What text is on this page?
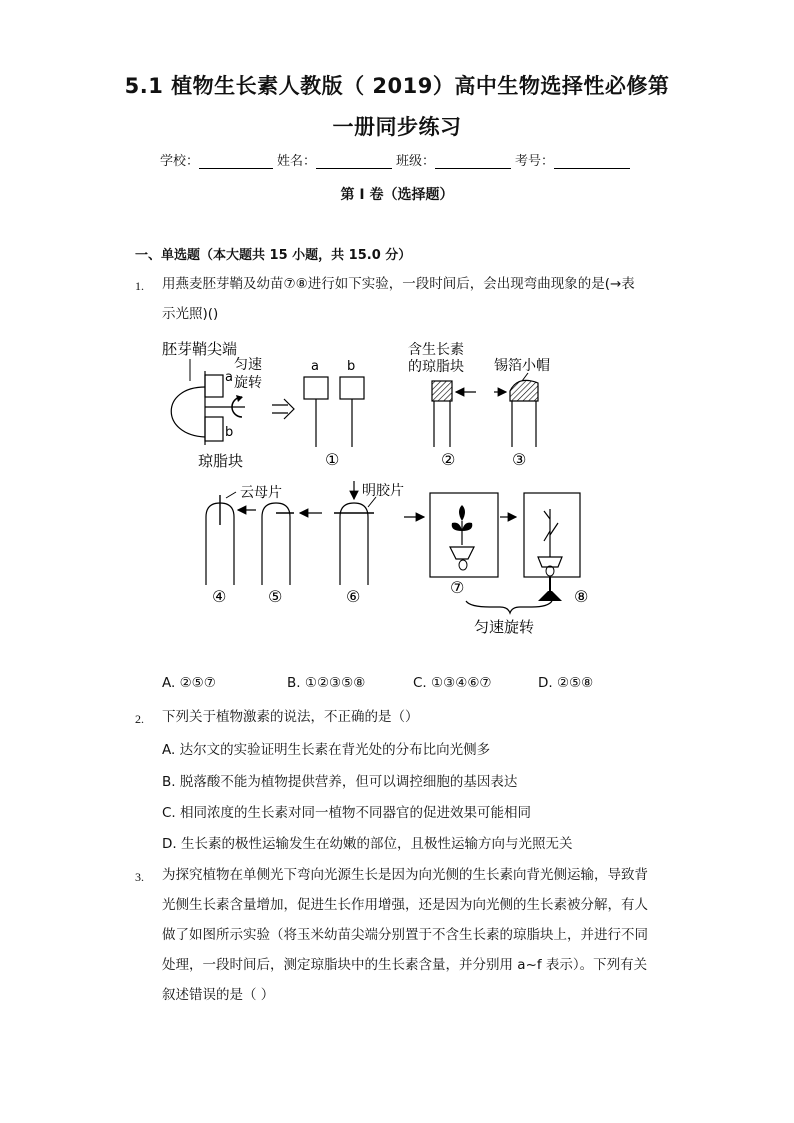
5.1 植物生长素人教版（ 2019）高中生物选择性必修第
一册同步练习
学校：	姓名：	班级：	考号：
第 I 卷（选择题）
一、单选题（本大题共 15 小题，共 15.0 分）
1. 用燕麦胚芽鞘及幼苗⑦⑧进行如下实验，一段时间后，会出现弯曲现象的是(→表
示光照)()
胚芽鞘尖端
a
b
匀速
旋转
琼脂块
a b
①
含生长素
的琼脂块
②
锡箔小帽
③
云母片
④	⑤
明胶片
⑥	⑦	⑧
匀速旋转
A. ②⑤⑦	B. ①②③⑤⑧	C. ①③④⑥⑦	D. ②⑤⑧
2. 下列关于植物激素的说法，不正确的是（）
A. 达尔文的实验证明生长素在背光处的分布比向光侧多
B. 脱落酸不能为植物提供营养，但可以调控细胞的基因表达
C. 相同浓度的生长素对同一植物不同器官的促进效果可能相同
D. 生长素的极性运输发生在幼嫩的部位，且极性运输方向与光照无关
3. 为探究植物在单侧光下弯向光源生长是因为向光侧的生长素向背光侧运输，导致背
光侧生长素含量增加，促进生长作用增强，还是因为向光侧的生长素被分解，有人
做了如图所示实验（将玉米幼苗尖端分别置于不含生长素的琼脂块上，并进行不同
处理，一段时间后，测定琼脂块中的生长素含量，并分别用 a~f 表示）。下列有关
叙述错误的是（ ）
